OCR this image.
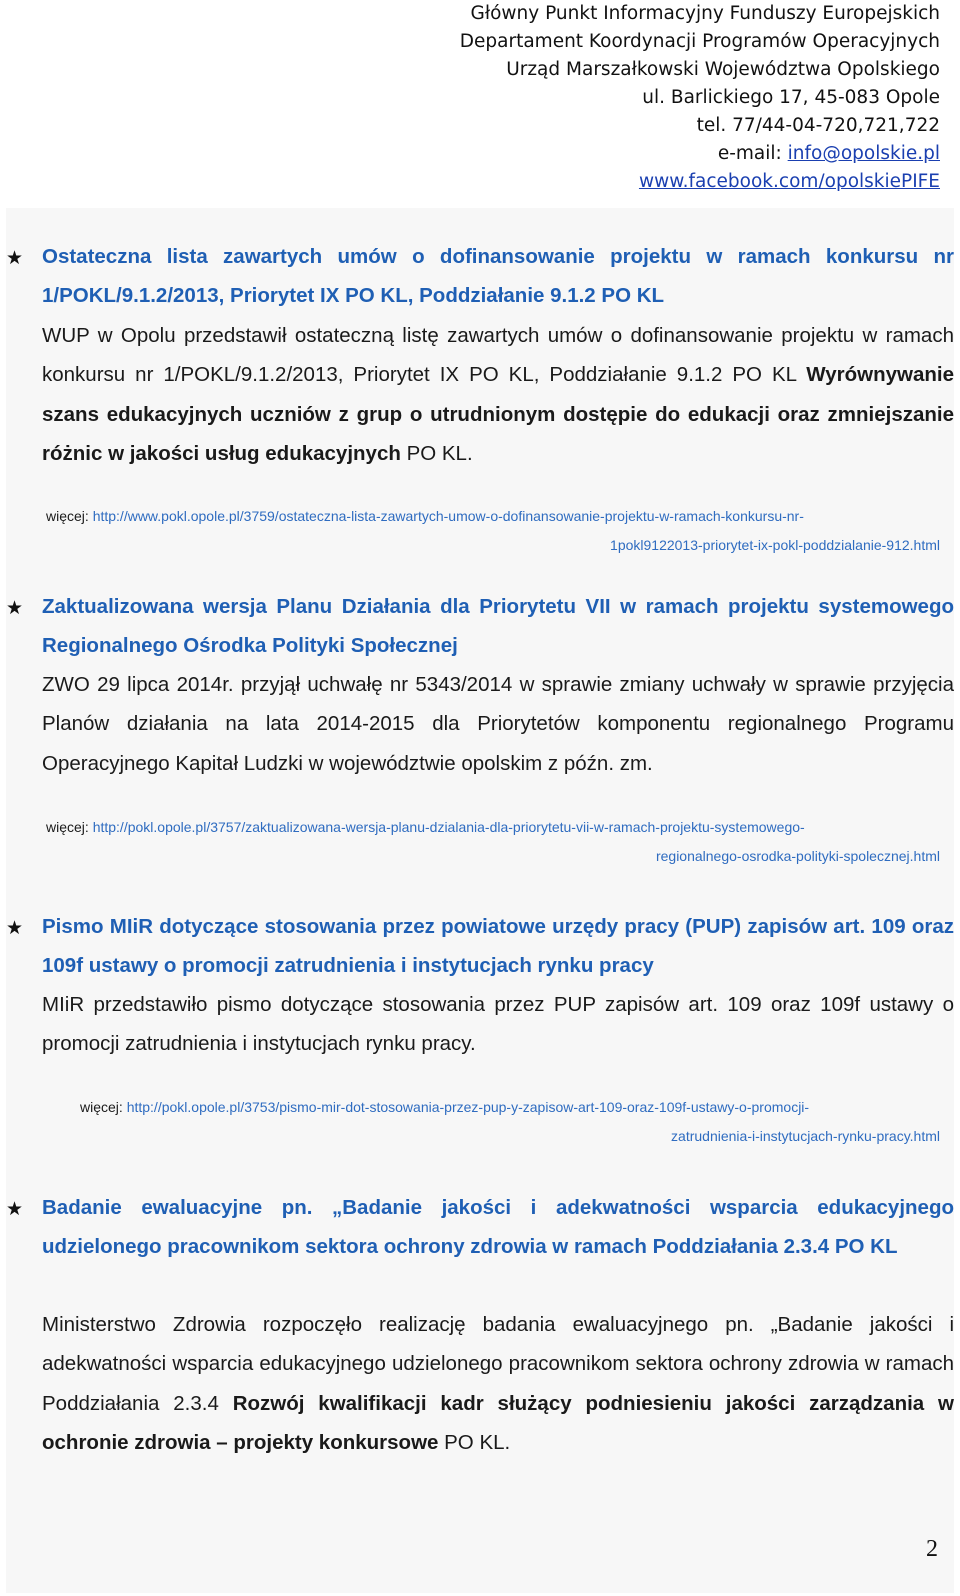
Główny Punkt Informacyjny Funduszy Europejskich
Departament Koordynacji Programów Operacyjnych
Urząd Marszałkowski Województwa Opolskiego
ul. Barlickiego 17, 45-083 Opole
tel. 77/44-04-720,721,722
e-mail: info@opolskie.pl
www.facebook.com/opolskiePIFE
★ Ostateczna lista zawartych umów o dofinansowanie projektu w ramach konkursu nr 1/POKL/9.1.2/2013, Priorytet IX PO KL, Poddziałanie 9.1.2 PO KL

WUP w Opolu przedstawił ostateczną listę zawartych umów o dofinansowanie projektu w ramach konkursu nr 1/POKL/9.1.2/2013, Priorytet IX PO KL, Poddziałanie 9.1.2 PO KL Wyrównywanie szans edukacyjnych uczniów z grup o utrudnionym dostępie do edukacji oraz zmniejszanie różnic w jakości usług edukacyjnych PO KL.

więcej: http://www.pokl.opole.pl/3759/ostateczna-lista-zawartych-umow-o-dofinansowanie-projektu-w-ramach-konkursu-nr-
1pokl9122013-priorytet-ix-pokl-poddzialanie-912.html
★ Zaktualizowana wersja Planu Działania dla Priorytetu VII w ramach projektu systemowego Regionalnego Ośrodka Polityki Społecznej

ZWO 29 lipca 2014r. przyjął uchwałę nr 5343/2014 w sprawie zmiany uchwały w sprawie przyjęcia Planów działania na lata 2014-2015 dla Priorytetów komponentu regionalnego Programu Operacyjnego Kapitał Ludzki w województwie opolskim z późn. zm.

więcej: http://pokl.opole.pl/3757/zaktualizowana-wersja-planu-dzialania-dla-priorytetu-vii-w-ramach-projektu-systemowego-
regionalnego-osrodka-polityki-spolecznej.html
★ Pismo MIiR dotyczące stosowania przez powiatowe urzędy pracy (PUP) zapisów art. 109 oraz 109f ustawy o promocji zatrudnienia i instytucjach rynku pracy

MIiR przedstawiło pismo dotyczące stosowania przez PUP zapisów art. 109 oraz 109f ustawy o promocji zatrudnienia i instytucjach rynku pracy.

więcej: http://pokl.opole.pl/3753/pismo-mir-dot-stosowania-przez-pup-y-zapisow-art-109-oraz-109f-ustawy-o-promocji-
zatrudnienia-i-instytucjach-rynku-pracy.html
★ Badanie ewaluacyjne pn. „Badanie jakości i adekwatności wsparcia edukacyjnego udzielonego pracownikom sektora ochrony zdrowia w ramach Poddziałania 2.3.4 PO KL

Ministerstwo Zdrowia rozpoczęło realizację badania ewaluacyjnego pn. „Badanie jakości i adekwatności wsparcia edukacyjnego udzielonego pracownikom sektora ochrony zdrowia w ramach Poddziałania 2.3.4 Rozwój kwalifikacji kadr służący podniesieniu jakości zarządzania w ochronie zdrowia – projekty konkursowe PO KL.

2
